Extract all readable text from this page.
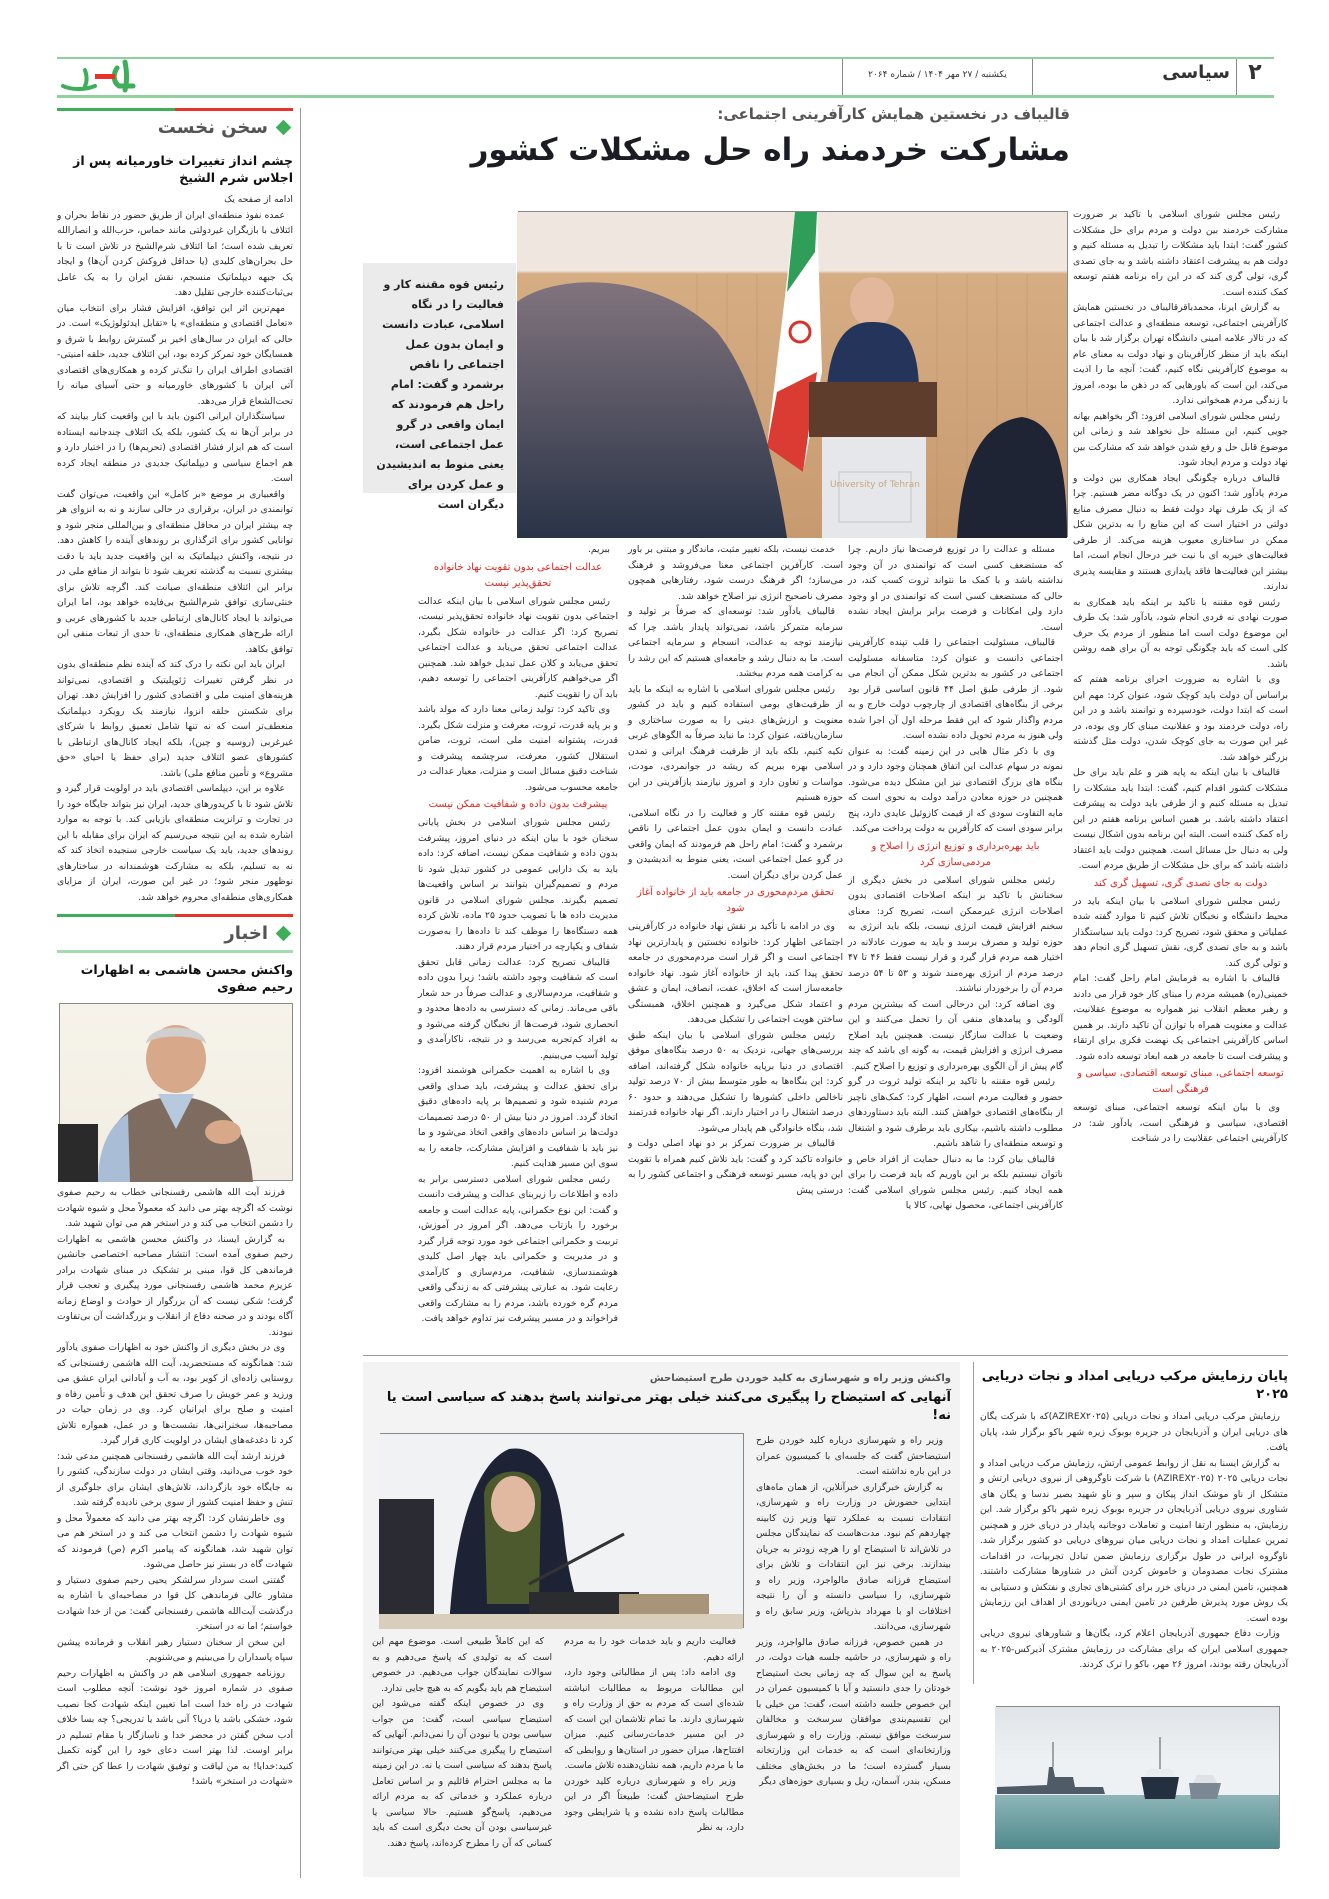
۲
سیاسی
یکشنبه / ۲۷ مهر ۱۴۰۴ / شماره ۲۰۶۴
سخن نخست
چشم انداز تغییرات خاورمیانه پس از اجلاس شرم الشیخ

ادامه از صفحه یک

عمده نفوذ منطقه‌ای ایران از طریق حضور در نقاط بحران و ائتلاف با بازیگران غیردولتی مانند حماس، حزب‌الله و انصارالله تعریف شده است؛ اما ائتلاف شرم‌الشیخ در تلاش است تا با حل بحران‌های کلیدی (یا حداقل فروکش کردن آن‌ها) و ایجاد یک جبهه دیپلماتیک منسجم، نقش ایران را به یک عامل بی‌ثبات‌کننده خارجی تقلیل دهد.

مهم‌ترین اثر این توافق، افزایش فشار برای انتخاب میان «تعامل اقتصادی و منطقه‌ای» یا «تقابل ایدئولوژیک» است. در حالی که ایران در سال‌های اخیر بر گسترش روابط با شرق و همسایگان خود تمرکز کرده بود، این ائتلاف جدید، حلقه امنیتی-اقتصادی اطراف ایران را تنگ‌تر کرده و همکاری‌های اقتصادی آتی ایران با کشورهای خاورمیانه و حتی آسیای میانه را تحت‌الشعاع قرار می‌دهد.

سیاستگذاران ایرانی اکنون باید با این واقعیت کنار بیایند که در برابر آن‌ها نه یک کشور، بلکه یک ائتلاف چندجانبه ایستاده است که هم ابزار فشار اقتصادی (تحریم‌ها) را در اختیار دارد و هم اجماع سیاسی و دیپلماتیک جدیدی در منطقه ایجاد کرده است.

واقعبیاری بر موضع «بر کامل» این واقعیت، می‌توان گفت توانمندی در ایران، برقراری در حالی سازند و نه به انزوای هر چه بیشتر ایران در محافل منطقه‌ای و بین‌المللی منجر شود و توانایی کشور برای اثرگذاری بر روندهای آینده را کاهش دهد. در نتیجه، واکنش دیپلماتیک به این واقعیت جدید باید با دقت بیشتری نسبت به گذشته تعریف شود تا بتواند از منافع ملی در برابر این ائتلاف منطقه‌ای صیانت کند. اگرچه تلاش برای خنثی‌سازی توافق شرم‌الشیخ بی‌فایده خواهد بود، اما ایران می‌تواند با ایجاد کانال‌های ارتباطی جدید با کشورهای عربی و ارائه طرح‌های همکاری منطقه‌ای، تا حدی از تبعات منفی این توافق بکاهد.

ایران باید این نکته را درک کند که آینده نظم منطقه‌ای بدون در نظر گرفتن تغییرات ژئوپلیتیک و اقتصادی، نمی‌تواند هزینه‌های امنیت ملی و اقتصادی کشور را افزایش دهد. تهران برای شکستن حلقه انزوا، نیازمند یک رویکرد دیپلماتیک منعطف‌تر است که نه تنها شامل تعمیق روابط با شرکای غیرغربی (روسیه و چین)، بلکه ایجاد کانال‌های ارتباطی با کشورهای عضو ائتلاف جدید (برای حفظ یا احیای «حق مشروع» و تأمین منافع ملی) باشد.

علاوه بر این، دیپلماسی اقتصادی باید در اولویت قرار گیرد و تلاش شود تا با کریدورهای جدید، ایران نیز بتواند جایگاه خود را در تجارت و ترانزیت منطقه‌ای بازیابی کند. با توجه به موارد اشاره شده به این نتیجه می‌رسیم که ایران برای مقابله با این روندهای جدید، باید یک سیاست خارجی سنجیده اتخاذ کند که نه به تسلیم، بلکه به مشارکت هوشمندانه در ساختارهای نوظهور منجر شود؛ در غیر این صورت، ایران از مزایای همکاری‌های منطقه‌ای محروم خواهد شد.

اخبار
واکنش محسن هاشمی به اظهارات رحیم صفوی

فرزند آیت الله هاشمی رفسنجانی خطاب به رحیم صفوی نوشت که اگرچه بهتر می دانید که معمولاً محل و شیوه شهادت را دشمن انتخاب می کند و در استخر هم می توان شهید شد.

به گزارش ایسنا، در واکنش محسن هاشمی به اظهارات رحیم صفوی آمده است: انتشار مصاحبه اختصاصی جانشین فرماندهی کل قوا، مبنی بر تشکیک در مبنای شهادت برادر عزیزم محمد هاشمی رفسنجانی مورد پیگیری و تعجب قرار گرفت؛ شکی نیست که آن بزرگوار از حوادث و اوضاع زمانه آگاه بودند و در صحنه دفاع از انقلاب و بزرگداشت آن بی‌تفاوت نبودند.

وی در بخش دیگری از واکنش خود به اظهارات صفوی یادآور شد: همانگونه که مستحضرید، آیت الله هاشمی رفسنجانی که روستایی زاده‌ای از کویر بود، به آب و آبادانی ایران عشق می ورزید و عمر خویش را صرف تحقق این هدف و تأمین رفاه و امنیت و صلح برای ایرانیان کرد. وی در زمان حیات در مصاحبه‌ها، سخنرانی‌ها، نشست‌ها و در عمل، همواره تلاش کرد تا دغدغه‌های ایشان در اولویت کاری قرار گیرد.

فرزند ارشد آیت الله هاشمی رفسنجانی همچنین مدعی شد: خود خوب می‌دانید، وقتی ایشان در دولت سازندگی، کشور را به جایگاه خود بازگرداند، تلاش‌های ایشان برای جلوگیری از تنش و حفظ امنیت کشور از سوی برخی نادیده گرفته شد.

وی خاطرنشان کرد: اگرچه بهتر می دانید که معمولاً محل و شیوه شهادت را دشمن انتخاب می کند و در استخر هم می توان شهید شد، همانگونه که پیامبر اکرم (ص) فرمودند که شهادت گاه در بستر نیز حاصل می‌شود.

گفتنی است سردار سرلشکر یحیی رحیم صفوی دستیار و مشاور عالی فرماندهی کل قوا در مصاحبه‌ای با اشاره به درگذشت آیت‌الله هاشمی رفسنجانی گفت: من از خدا شهادت خواستم؛ اما نه در استخر.

این سخن از سخنان دستیار رهبر انقلاب و فرمانده پیشین سپاه پاسداران را می‌بینیم و می‌شنویم.

روزنامه جمهوری اسلامی هم در واکنش به اظهارات رحیم صفوی در شماره امروز خود نوشت: آنچه مطلوب است شهادت در راه خدا است اما تعیین اینکه شهادت کجا نصیب شود، خشکی باشد یا دریا؟ آنی باشد یا تدریجی؟ چه بسا خلاف أدب سخن گفتن در محضر خدا و ناسازگار با مقام تسلیم در برابر اوست. لذا بهتر است دعای خود را این گونه تکمیل کنید:خدایا! به من لیاقت و توفیق شهادت را عطا کن حتی اگر «شهادت در استخر» باشد!

قالیباف در نخستین همایش کارآفرینی اجتماعی:
مشارکت خردمند راه حل مشکلات کشور
رئیس قوه مقننه کار و فعالیت را در نگاه اسلامی، عبادت دانست و ایمان بدون عمل اجتماعی را ناقص برشمرد و گفت: امام راحل هم فرمودند که ایمان واقعی در گرو عمل اجتماعی است، یعنی منوط به اندیشیدن و عمل کردن برای دیگران است
University of Tehran

رئیس مجلس شورای اسلامی با تاکید بر ضرورت مشارکت خردمند بین دولت و مردم برای حل مشکلات کشور گفت: ابتدا باید مشکلات را تبدیل به مسئله کنیم و دولت هم به پیشرفت اعتقاد داشته باشد و به جای تصدی گری، تولی گری کند که در این راه برنامه هفتم توسعه کمک کننده است.

به گزارش ایرنا، محمدباقرقالیباف در نخستین همایش کارآفرینی اجتماعی، توسعه منطقه‌ای و عدالت اجتماعی که در تالار علامه امینی دانشگاه تهران برگزار شد با بیان اینکه باید از منظر کارآفرینان و نهاد دولت به معنای عام به موضوع کارآفرینی نگاه کنیم، گفت: آنچه ما را اذیت می‌کند، این است که باورهایی که در ذهن ما بوده، امروز با زندگی مردم همخوانی ندارد.

رئیس مجلس شورای اسلامی افزود: اگر بخواهیم بهانه جویی کنیم، این مسئله حل نخواهد شد و زمانی این موضوع قابل حل و رفع شدن خواهد شد که مشارکت بین نهاد دولت و مردم ایجاد شود.

قالیباف درباره چگونگی ایجاد همکاری بین دولت و مردم یادآور شد: اکنون در یک دوگانه مضر هستیم. چرا که از یک طرف نهاد دولت فقط به دنبال مصرف منابع دولتی در اختیار است که این منابع را به بدترین شکل ممکن در ساختاری معیوب هزینه می‌کند. از طرفی فعالیت‌های خیریه ای با نیت خیر درحال انجام است، اما بیشتر این فعالیت‌ها فاقد پایداری هستند و مقایسه پذیری ندارند.

رئیس قوه مقننه با تاکید بر اینکه باید همکاری به صورت نهادی نه فردی انجام شود، یادآور شد: یک طرف این موضوع دولت است اما منظور از مردم یک حرف کلی است که باید چگونگی توجه به آن برای همه روشن باشد.

وی با اشاره به ضرورت اجرای برنامه هفتم که براساس آن دولت باید کوچک شود، عنوان کرد: مهم این است که ابتدا دولت، خودسپرده و توانمند باشد و در این راه، دولت خردمند بود و عقلانیت مبنای کار وی بوده، در غیر این صورت به جای کوچک شدن، دولت مثل گذشته بزرگتر خواهد شد.

قالیباف با بیان اینکه به پایه هنر و علم باید برای حل مشکلات کشور اقدام کنیم، گفت: ابتدا باید مشکلات را تبدیل به مسئله کنیم و از طرفی باید دولت به پیشرفت اعتقاد داشته باشد. بر همین اساس برنامه هفتم در این راه کمک کننده است. البته این برنامه بدون اشکال نیست ولی به دنبال حل مسائل است. همچنین دولت باید اعتقاد داشته باشد که برای حل مشکلات از طریق مردم است.

دولت به جای تصدی گری، تسهیل گری کند

رئیس مجلس شورای اسلامی با بیان اینکه باید در محیط دانشگاه و نخبگان تلاش کنیم تا موارد گفته شده عملیاتی و محقق شود، تصریح کرد: دولت باید سیاستگذار باشد و به جای تصدی گری، نقش تسهیل گری انجام دهد و تولی گری کند.

قالیباف با اشاره به فرمایش امام راحل گفت: امام خمینی(ره) همیشه مردم را مبنای کار خود قرار می دادند و رهبر معظم انقلاب نیز همواره به موضوع عقلانیت، عدالت و معنویت همراه با توازن آن تاکید دارند. بر همین اساس کارآفرینی اجتماعی یک نهضت فکری برای ارتقاء و پیشرفت است تا جامعه در همه ابعاد توسعه داده شود.

توسعه اجتماعی، مبنای توسعه اقتصادی، سیاسی و فرهنگی است

وی با بیان اینکه توسعه اجتماعی، مبنای توسعه اقتصادی، سیاسی و فرهنگی است، یادآور شد: در کارآفرینی اجتماعی عقلانیت را در شناخت

مسئله و عدالت را در توزیع فرصت‌ها نیاز داریم. چرا که مستضعف کسی است که توانمندی در آن وجود نداشته باشد و با کمک ما نتواند ثروت کسب کند، در حالی که مستضعف کسی است که توانمندی در او وجود دارد ولی امکانات و فرصت برابر برایش ایجاد نشده است.

قالیباف، مسئولیت اجتماعی را قلب تپنده کارآفرینی اجتماعی دانست و عنوان کرد: متاسفانه مسئولیت اجتماعی در کشور به بدترین شکل ممکن آن انجام می شود. از طرفی طبق اصل ۴۴ قانون اساسی قرار بود برخی از بنگاه‌های اقتصادی از چارچوب دولت خارج و به مردم واگذار شود که این فقط مرحله اول آن اجرا شده ولی هنوز به مردم تحویل داده نشده است.

وی با ذکر مثال هایی در این زمینه گفت: به عنوان نمونه در سهام عدالت این اتفاق همچنان وجود دارد و در بنگاه های بزرگ اقتصادی نیز این مشکل دیده می‌شود. همچنین در حوزه معادن درآمد دولت به نحوی است که مابه التفاوت سودی که از قیمت کازوئیل عایدی دارد، پنج برابر سودی است که کارآفرین به دولت پرداخت می‌کند.

باید بهره‌برداری و توزیع انرژی را اصلاح و مردمی‌سازی کرد

رئیس مجلس شورای اسلامی در بخش دیگری از سخنانش با تاکید بر اینکه اصلاحات اقتصادی بدون اصلاحات انرژی غیرممکن است، تصریح کرد: معنای سخنم افزایش قیمت انرژی نیست، بلکه باید انرژی به حوزه تولید و مصرف برسد و باید به صورت عادلانه در اختیار همه مردم قرار گیرد و قرار نیست فقط ۴۶ تا ۴۷ درصد مردم از انرژی بهره‌مند شوند و ۵۳ تا ۵۴ درصد مردم آن را برخوردار نباشند.

وی اضافه کرد: این درحالی است که بیشترین مردم آلودگی و پیامدهای منفی آن را تحمل می‌کنند و این وضعیت با عدالت سازگار نیست. همچنین باید اصلاح مصرف انرژی و افزایش قیمت، به گونه ای باشد که چند گام پیش از آن الگوی بهره‌برداری و توزیع را اصلاح کنیم.

رئیس قوه مقننه با تاکید بر اینکه تولید ثروت در گرو حضور و فعالیت مردم است، اظهار کرد: کمک‌های ناچیز از بنگاه‌های اقتصادی خواهش کنند. البته باید دستاوردهای مطلوب داشته باشیم، بیکاری باید برطرف شود و اشتغال و توسعه منطقه‌ای را شاهد باشیم.

قالیباف بیان کرد: ما به دنبال حمایت از افراد خاص و ناتوان نیستیم بلکه بر این باوریم که باید فرصت را برای همه ایجاد کنیم. رئیس مجلس شورای اسلامی گفت: کارآفرینی اجتماعی، محصول نهایی، کالا یا

خدمت نیست، بلکه تغییر مثبت، ماندگار و مبتنی بر باور است. کارآفرین اجتماعی معنا می‌فروشد و فرهنگ می‌سازد؛ اگر فرهنگ درست شود، رفتارهایی همچون مصرف ناصحیح انرژی نیز اصلاح خواهد شد.

قالیباف یادآور شد: توسعه‌ای که صرفاً بر تولید و سرمایه متمرکز باشد، نمی‌تواند پایدار باشد. چرا که نیازمند توجه به عدالت، انسجام و سرمایه اجتماعی است. ما به دنبال رشد و جامعه‌ای هستیم که این رشد را به کرامت همه مردم ببخشد.

رئیس مجلس شورای اسلامی با اشاره به اینکه ما باید از ظرفیت‌های بومی استفاده کنیم و باید در کشور معنویت و ارزش‌های دینی را به صورت ساختاری و سازمان‌یافته، عنوان کرد: ما نباید صرفاً به الگوهای غربی تکیه کنیم، بلکه باید از ظرفیت فرهنگ ایرانی و تمدن اسلامی بهره ببریم که ریشه در جوانمردی، مودت، مواسات و تعاون دارد و امروز نیازمند بازآفرینی در این حوزه هستیم

رئیس قوه مقننه کار و فعالیت را در نگاه اسلامی، عبادت دانست و ایمان بدون عمل اجتماعی را ناقص برشمرد و گفت: امام راحل هم فرمودند که ایمان واقعی در گرو عمل اجتماعی است، یعنی منوط به اندیشیدن و عمل کردن برای دیگران است.

تحقق مردم‌محوری در جامعه باید از خانواده آغاز شود

وی در ادامه با تأکید بر نقش نهاد خانواده در کارآفرینی اجتماعی اظهار کرد: خانواده نخستین و پایدارترین نهاد اجتماعی است و اگر قرار است مردم‌محوری در جامعه تحقق پیدا کند، باید از خانواده آغاز شود. نهاد خانواده جامعه‌ساز است که اخلاق، عفت، انصاف، ایمان و عشق و اعتماد شکل می‌گیرد و همچنین اخلاق، همبستگی ساختن هویت اجتماعی را تشکیل می‌دهد.

رئیس مجلس شورای اسلامی با بیان اینکه طبق بررسی‌های جهانی، نزدیک به ۵۰ درصد بنگاه‌های موفق اقتصادی در دنیا برپایه خانواده شکل گرفته‌اند، اضافه کرد: این بنگاه‌ها به طور متوسط بیش از ۷۰ درصد تولید ناخالص داخلی کشورها را تشکیل می‌دهند و حدود ۶۰ درصد اشتغال را در اختیار دارند. اگر نهاد خانواده قدرتمند شد، بنگاه خانوادگی هم پایدار می‌شود.

قالیباف بر ضرورت تمرکز بر دو نهاد اصلی دولت و خانواده تاکید کرد و گفت: باید تلاش کنیم همراه با تقویت این دو پایه، مسیر توسعه فرهنگی و اجتماعی کشور را به درستی پیش

ببریم.

عدالت اجتماعی بدون تقویت نهاد خانواده تحقق‌پذیر نیست

رئیس مجلس شورای اسلامی با بیان اینکه عدالت اجتماعی بدون تقویت نهاد خانواده تحقق‌پذیر نیست، تصریح کرد: اگر عدالت در خانواده شکل بگیرد، عدالت اجتماعی تحقق می‌یابد و عدالت اجتماعی تحقق می‌یابد و کلان عمل تبدیل خواهد شد. همچنین اگر می‌خواهیم کارآفرینی اجتماعی را توسعه دهیم، باید آن را تقویت کنیم.

وی تاکید کرد: تولید زمانی معنا دارد که مولد باشد و بر پایه قدرت، ثروت، معرفت و منزلت شکل بگیرد. قدرت، پشتوانه امنیت ملی است، ثروت، ضامن استقلال کشور، معرفت، سرچشمه پیشرفت و شناخت دقیق مسائل است و منزلت، معیار عدالت در جامعه محسوب می‌شود.

پیشرفت بدون داده و شفافیت ممکن نیست

رئیس مجلس شورای اسلامی در بخش پایانی سخنان خود با بیان اینکه در دنیای امروز، پیشرفت بدون داده و شفافیت ممکن نیست، اضافه کرد: داده باید به یک دارایی عمومی در کشور تبدیل شود تا مردم و تصمیم‌گیران بتوانند بر اساس واقعیت‌ها تصمیم بگیرند. مجلس شورای اسلامی در قانون مدیریت داده ها با تصویب حدود ۲۵ ماده، تلاش کرده همه دستگاه‌ها را موظف کند تا داده‌ها را به‌صورت شفاف و یکپارچه در اختیار مردم قرار دهند.

قالیباف تصریح کرد: عدالت زمانی قابل تحقق است که شفافیت وجود داشته باشد؛ زیرا بدون داده و شفافیت، مردم‌سالاری و عدالت صرفاً در حد شعار باقی می‌ماند. زمانی که دسترسی به داده‌ها محدود و انحصاری شود، فرصت‌ها از نخبگان گرفته می‌شود و به افراد کم‌تجربه می‌رسد و در نتیجه، ناکارآمدی و تولید آسیب می‌بینیم.

وی با اشاره به اهمیت حکمرانی هوشمند افزود: برای تحقق عدالت و پیشرفت، باید صدای واقعی مردم شنیده شود و تصمیم‌ها بر پایه داده‌های دقیق اتخاذ گردد. امروز در دنیا بیش از ۵۰ درصد تصمیمات دولت‌ها بر اساس داده‌های واقعی اتخاذ می‌شود و ما نیز باید با شفافیت و افزایش مشارکت، جامعه را به سوی این مسیر هدایت کنیم.

رئیس مجلس شورای اسلامی دسترسی برابر به داده و اطلاعات را زیربنای عدالت و پیشرفت دانست و گفت: این نوع حکمرانی، پایه عدالت است و جامعه برخورد را بازتاب می‌دهد. اگر امروز در آموزش، تربیت و حکمرانی اجتماعی خود مورد توجه قرار گیرد و در مدیریت و حکمرانی باید چهار اصل کلیدی هوشمندسازی، شفافیت، مردم‌سازی و کارآمدی رعایت شود. به عبارتی پیشرفتی که به زندگی واقعی مردم گره خورده باشد، مردم را به مشارکت واقعی فراخواند و در مسیر پیشرفت نیز تداوم خواهد یافت.

واکنش وزیر راه و شهرسازی به کلید خوردن طرح استیضاحش
آنهایی که استیضاح را پیگیری می‌کنند خیلی بهتر می‌توانند پاسخ بدهند که سیاسی است یا نه!

وزیر راه و شهرسازی درباره کلید خوردن طرح استیضاحش گفت که جلسه‌ای با کمیسیون عمران در این باره نداشته است.

به گزارش خبرگزاری خبرآنلاین، از همان ماه‌های ابتدایی حضورش در وزارت راه و شهرسازی، انتقادات نسبت به عملکرد تنها وزیر زن کابینه چهاردهم کم نبود. مدت‌هاست که نمایندگان مجلس در تلاش‌اند تا استیضاح او را هرچه زودتر به جریان بیندازند. برخی نیز این انتقادات و تلاش برای استیضاح فرزانه صادق مالواجرد، وزیر راه و شهرسازی، را سیاسی دانسته و آن را نتیجه اختلافات او با مهرداد بذرپاش، وزیر سابق راه و شهرسازی، می‌دانند.

در همین خصوص، فرزانه صادق مالواجرد، وزیر راه و شهرسازی، در حاشیه جلسه هیات دولت، در پاسخ به این سوال که چه زمانی بحث استیضاح خودتان را جدی دانستید و آیا با کمیسیون عمران در این خصوص جلسه داشته است، گفت: من خیلی با این تقسیم‌بندی موافقان سرسخت و مخالفان سرسخت موافق نیستم. وزارت راه و شهرسازی وزارتخانه‌ای است که به خدمات این وزارتخانه بسیار گسترده است؛ ما در بخش‌های مختلف مسکن، بندر، آسمان، ریل و بسیاری حوزه‌های دیگر

فعالیت داریم و باید خدمات خود را به مردم ارائه دهیم.

وی ادامه داد: پس از مطالباتی وجود دارد، این مطالبات مربوط به مطالبات انباشته شده‌ای است که مردم به حق از وزارت راه و شهرسازی دارند. ما تمام تلاشمان این است که در این مسیر خدمات‌رسانی کنیم. میزان افتتاح‌ها، میزان حضور در استان‌ها و روابطی که ما با مردم داریم، همه نشان‌دهنده تلاش ماست.

وزیر راه و شهرسازی درباره کلید خوردن طرح استیضاحش گفت: طبیعتاً اگر در این مطالبات پاسخ داده نشده و یا شرایطی وجود دارد، به نظر

که این کاملاً طبیعی است. موضوع مهم این است که به تولیدی که پاسخ می‌دهیم و به سوالات نمایندگان جواب می‌دهیم. در خصوص استیضاح هم باید بگویم که به هیچ جایی ندارد.

وی در خصوص اینکه گفته می‌شود این استیضاح سیاسی است، گفت: من جواب سیاسی بودن یا نبودن آن را نمی‌دانم. آنهایی که استیضاح را پیگیری می‌کنند خیلی بهتر می‌توانند پاسخ بدهند که سیاسی است یا نه. در این زمینه ما به مجلس احترام قائلیم و بر اساس تعامل درباره عملکرد و خدماتی که به مردم ارائه می‌دهیم، پاسخ‌گو هستیم. حالا سیاسی یا غیرسیاسی بودن آن بحث دیگری است که باید کسانی که آن را مطرح کرده‌اند، پاسخ دهند.

پایان رزمایش مرکب دریایی امداد و نجات دریایی ۲۰۲۵

رزمایش مرکب دریایی امداد و نجات دریایی (AZIREX۲۰۲۵)که با شرکت یگان های دریایی ایران و آذربایجان در جزیره بوبوک زیره شهر باکو برگزار شد، پایان یافت.

به گزارش ایسنا به نقل از روابط عمومی ارتش، رزمایش مرکب دریایی امداد و نجات دریایی ۲۰۲۵ (AZIREX۲۰۲۵) با شرکت ناوگروهی از نیروی دریایی ارتش و متشکل از ناو موشک انداز پیکان و سپر و ناو شهید بصیر ندسا و یگان های شناوری نیروی دریایی آذربایجان در جزیره بوبوک زیره شهر باکو برگزار شد. این رزمایش، به منظور ارتقا امنیت و تعاملات دوجانبه پایدار در دریای خزر و همچنین تمرین عملیات امداد و نجات دریایی میان نیروهای دریایی دو کشور برگزار شد. ناوگروه ایرانی در طول برگزاری رزمایش ضمن تبادل تجربیات، در اقدامات مشترک نجات مصدومان و خاموش کردن آتش در شناورها مشارکت داشتند. همچنین، تامین ایمنی در دریای خزر برای کشتی‌های تجاری و نفتکش و دستیابی به یک روش مورد پذیرش طرفین در تامین ایمنی دریانوردی از اهداف این رزمایش بوده است.

وزارت دفاع جمهوری آذربایجان اعلام کرد، یگان‌ها و شناورهای نیروی دریایی جمهوری اسلامی ایران که برای مشارکت در رزمایش مشترک آذیرکس-۲۰۲۵ به آذربایجان رفته بودند، امروز ۲۶ مهر، باکو را ترک کردند.
